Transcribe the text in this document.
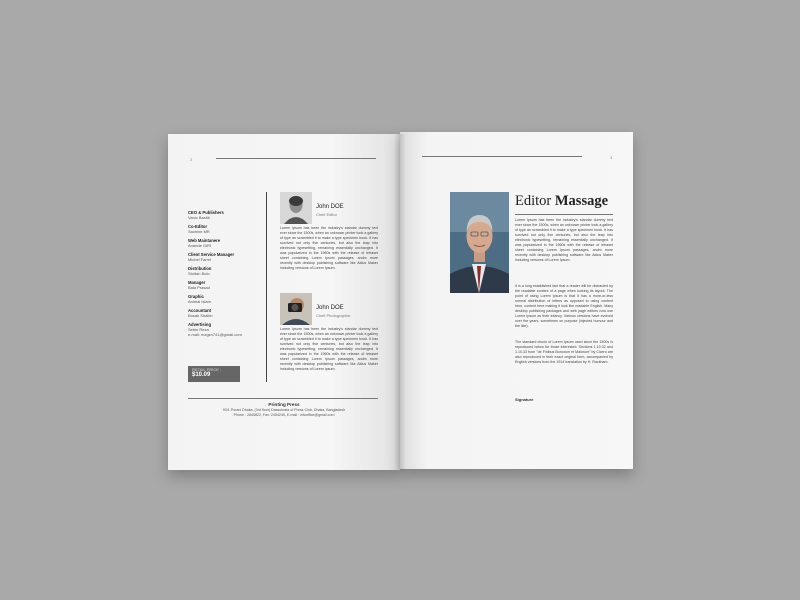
2
CEO & Publishers
Vanic Basith
Co-Editor
Sachine MR
Web Maintanere
Anande GIRI
Client Service Manager
Michel Farrel
Distribution
Stoltan Bolo
Manager
Bala Prasad
Graphic
Animal Islam
Accountant
Bosak Shaikh
Advertising
Sebin Reza
e-mail: mzgzn741@gmail.com
RETAIL PRICE :
$10.09
John DOE
Cheif Editor
Lorem Ipsum has been the industry's standar dummy text ever since the 1500s, when an unknown printer took a gallery of type an scrambled it to make a type specimen book. It has survived not only five centuries, but also the leap into electronic typesetting, remaining essentially unchanged. It was popularized in the 1960s with the release of letraset sheet containing Lorem Ipsum passages, andm more recently with desktop publishing software like Aldus Maker including versions of Lorem Ipsum.
John DOE
Cheif Photographer
Lorem Ipsum has been the industry's standar dummy text ever since the 1500s, when an unknown printer took a gallery of type an scrambled it to make a type specimen book. It has survived not only five centuries, but also the leap into electronic typesetting, remaining essentially unchanged. It was popularized in the 1960s with the release of letraset sheet containing Lorem Ipsum passages, andm more recently with desktop publishing software like Aldus Maker including versions of Lorem Ipsum.
Printing Press
90/1 Purani Dhaka, (3rd floor) Dassokrata of Press Club, Dhaka, Bangladesh
Phone : 2845822, Fax: 2454245, E-mail : infooffice@gmail.com
3
Editor Massage
Lorem Ipsum has been the industry's standar dummy text ever since the 1500s, when an unknown printer took a gallery of type an scrambled it to make a type specimen book. It has survived not only five centuries, but also the leap into electronic typesetting, remaining essentially unchanged. It was popularized in the 1960s with the release of letraset sheet containing Lorem Ipsum passages, andm more recently with desktop publishing software like Aldus Maker including versions of Lorem Ipsum.
It is a long established fact that a reader will be distracted by the readable content of a page when looking its layout. The point of using Lorem Ipsum is that it has a more-or-less normal distribution of letters as opposed to using content here, content here making it look like readable English. Many desktop publishing packages and web page editors now use Lorem Ipsum as their infancy. Various versions have evolved over the years, sometimes on purpose (injected humour and the like).
The standard chunk of Lorem Ipsum used since the 1500s is reproduced below for those interested. Sections 1.10.32 and 1.10.33 from "de Finibus Bonorum et Malorum" by Cicero are also reproduced in their exact original form, accompanied by English versions from the 1914 translation by H. Rackham.
Signature
